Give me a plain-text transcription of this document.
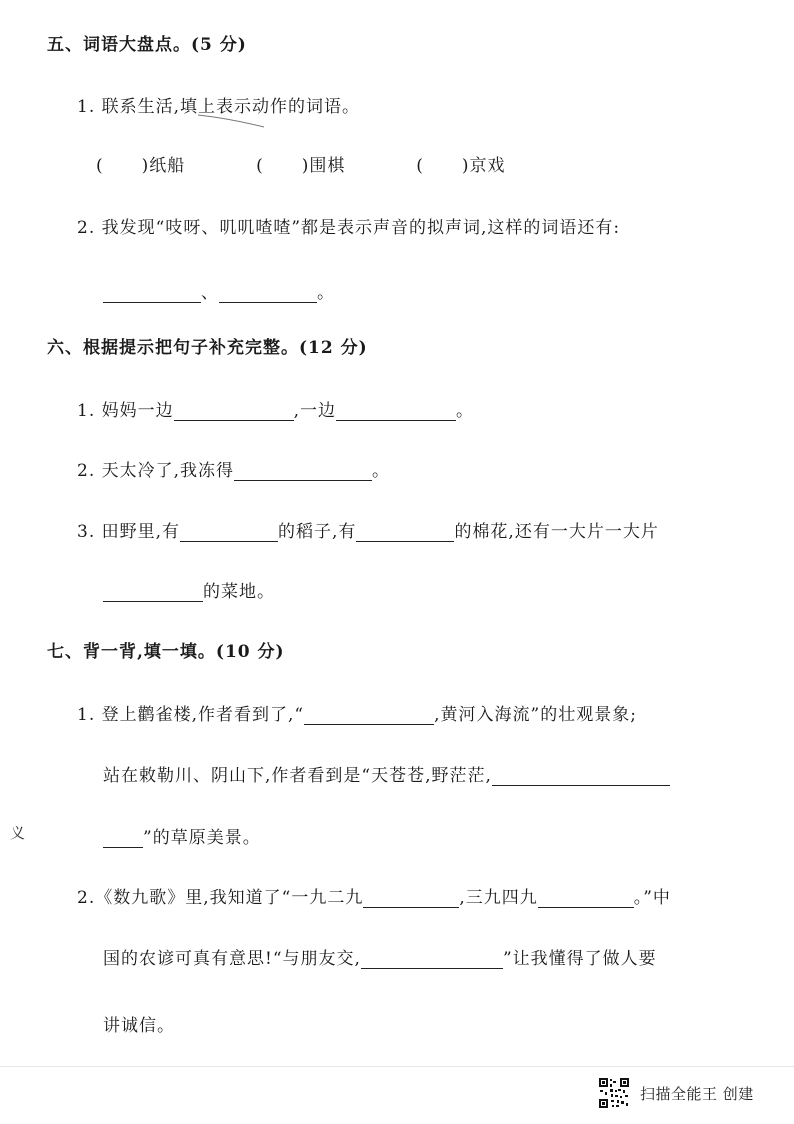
五、词语大盘点。(5 分)
1. 联系生活,填上表示动作的词语。
( )纸船	( )围棋	( )京戏
2. 我发现“吱呀、叽叽喳喳”都是表示声音的拟声词,这样的词语还有:
、	。
六、根据提示把句子补充完整。(12 分)
1. 妈妈一边	,一边	。
2. 天太冷了,我冻得	。
3. 田野里,有	的稻子,有	的棉花,还有一大片一大片
的菜地。
七、背一背,填一填。(10 分)
1. 登上鹳雀楼,作者看到了,“	,黄河入海流”的壮观景象;
站在敕勒川、阴山下,作者看到是“天苍苍,野茫茫,
”的草原美景。
2.《数九歌》里,我知道了“一九二九	,三九四九	。”中
国的农谚可真有意思!“与朋友交,	”让我懂得了做人要
讲诚信。
义
扫描全能王 创建
